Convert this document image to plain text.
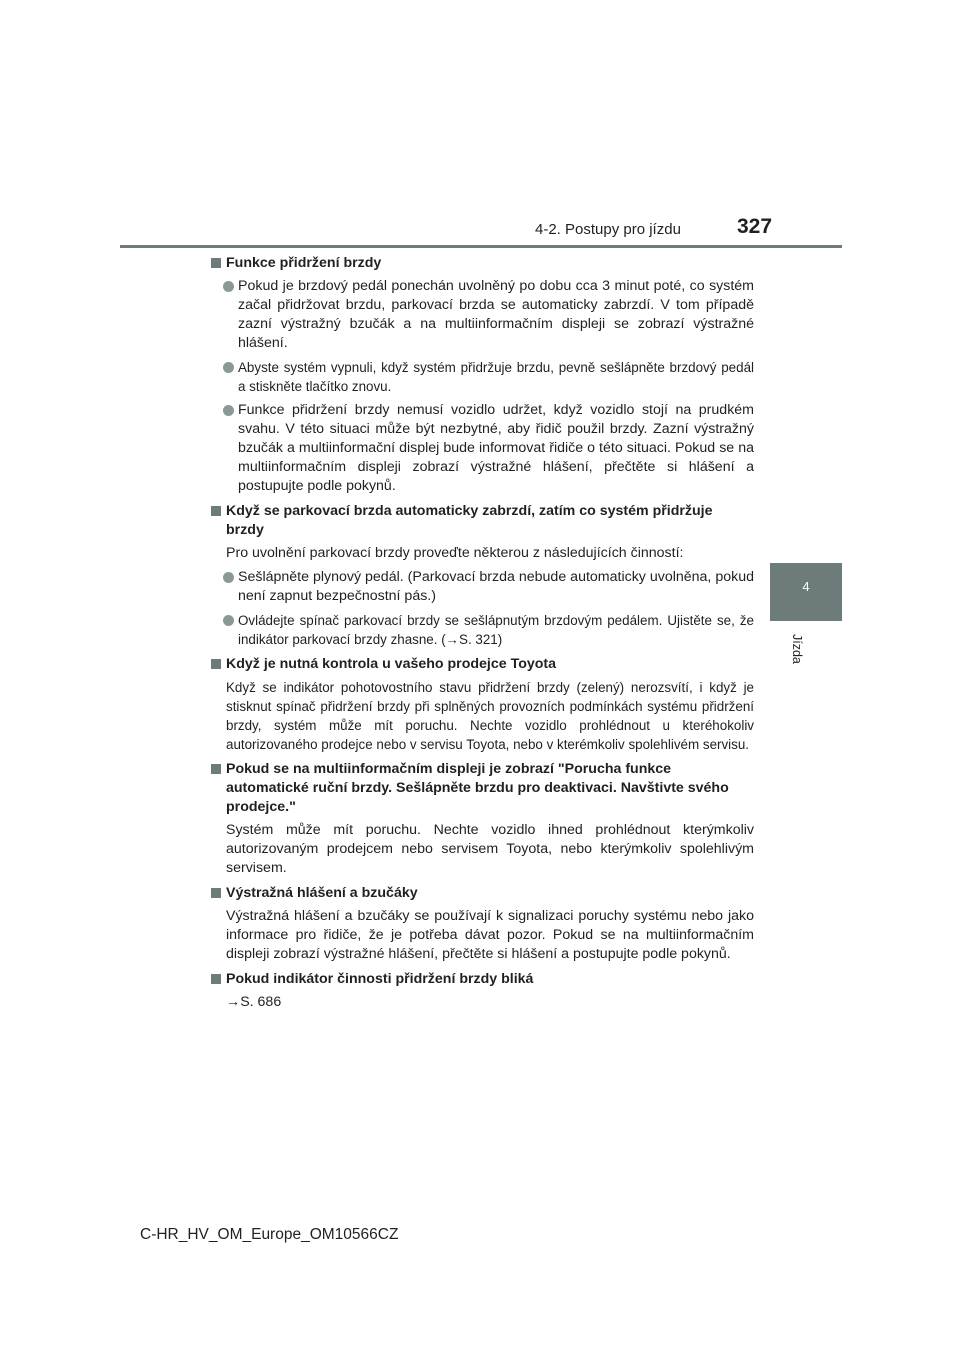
4-2. Postupy pro jízdu	327
4
Jízda
Funkce přidržení brzdy
Pokud je brzdový pedál ponechán uvolněný po dobu cca 3 minut poté, co systém začal přidržovat brzdu, parkovací brzda se automaticky zabrzdí. V tom případě zazní výstražný bzučák a na multiinformačním displeji se zobrazí výstražné hlášení.
Abyste systém vypnuli, když systém přidržuje brzdu, pevně sešlápněte brzdový pedál a stiskněte tlačítko znovu.
Funkce přidržení brzdy nemusí vozidlo udržet, když vozidlo stojí na prudkém svahu. V této situaci může být nezbytné, aby řidič použil brzdy. Zazní výstražný bzučák a multiinformační displej bude informovat řidiče o této situaci. Pokud se na multiinformačním displeji zobrazí výstražné hlášení, přečtěte si hlášení a postupujte podle pokynů.
Když se parkovací brzda automaticky zabrzdí, zatím co systém přidržuje brzdy
Pro uvolnění parkovací brzdy proveďte některou z následujících činností:
Sešlápněte plynový pedál. (Parkovací brzda nebude automaticky uvolněna, pokud není zapnut bezpečnostní pás.)
Ovládejte spínač parkovací brzdy se sešlápnutým brzdovým pedálem. Ujistěte se, že indikátor parkovací brzdy zhasne. (→S. 321)
Když je nutná kontrola u vašeho prodejce Toyota
Když se indikátor pohotovostního stavu přidržení brzdy (zelený) nerozsvítí, i když je stisknut spínač přidržení brzdy při splněných provozních podmínkách systému přidržení brzdy, systém může mít poruchu. Nechte vozidlo prohlédnout u kteréhokoliv autorizovaného prodejce nebo v servisu Toyota, nebo v kterémkoliv spolehlivém servisu.
Pokud se na multiinformačním displeji je zobrazí "Porucha funkce automatické ruční brzdy. Sešlápněte brzdu pro deaktivaci. Navštivte svého prodejce."
Systém může mít poruchu. Nechte vozidlo ihned prohlédnout kterýmkoliv autorizovaným prodejcem nebo servisem Toyota, nebo kterýmkoliv spolehlivým servisem.
Výstražná hlášení a bzučáky
Výstražná hlášení a bzučáky se používají k signalizaci poruchy systému nebo jako informace pro řidiče, že je potřeba dávat pozor. Pokud se na multiinformačním displeji zobrazí výstražné hlášení, přečtěte si hlášení a postupujte podle pokynů.
Pokud indikátor činnosti přidržení brzdy bliká
→S. 686
C-HR_HV_OM_Europe_OM10566CZ
